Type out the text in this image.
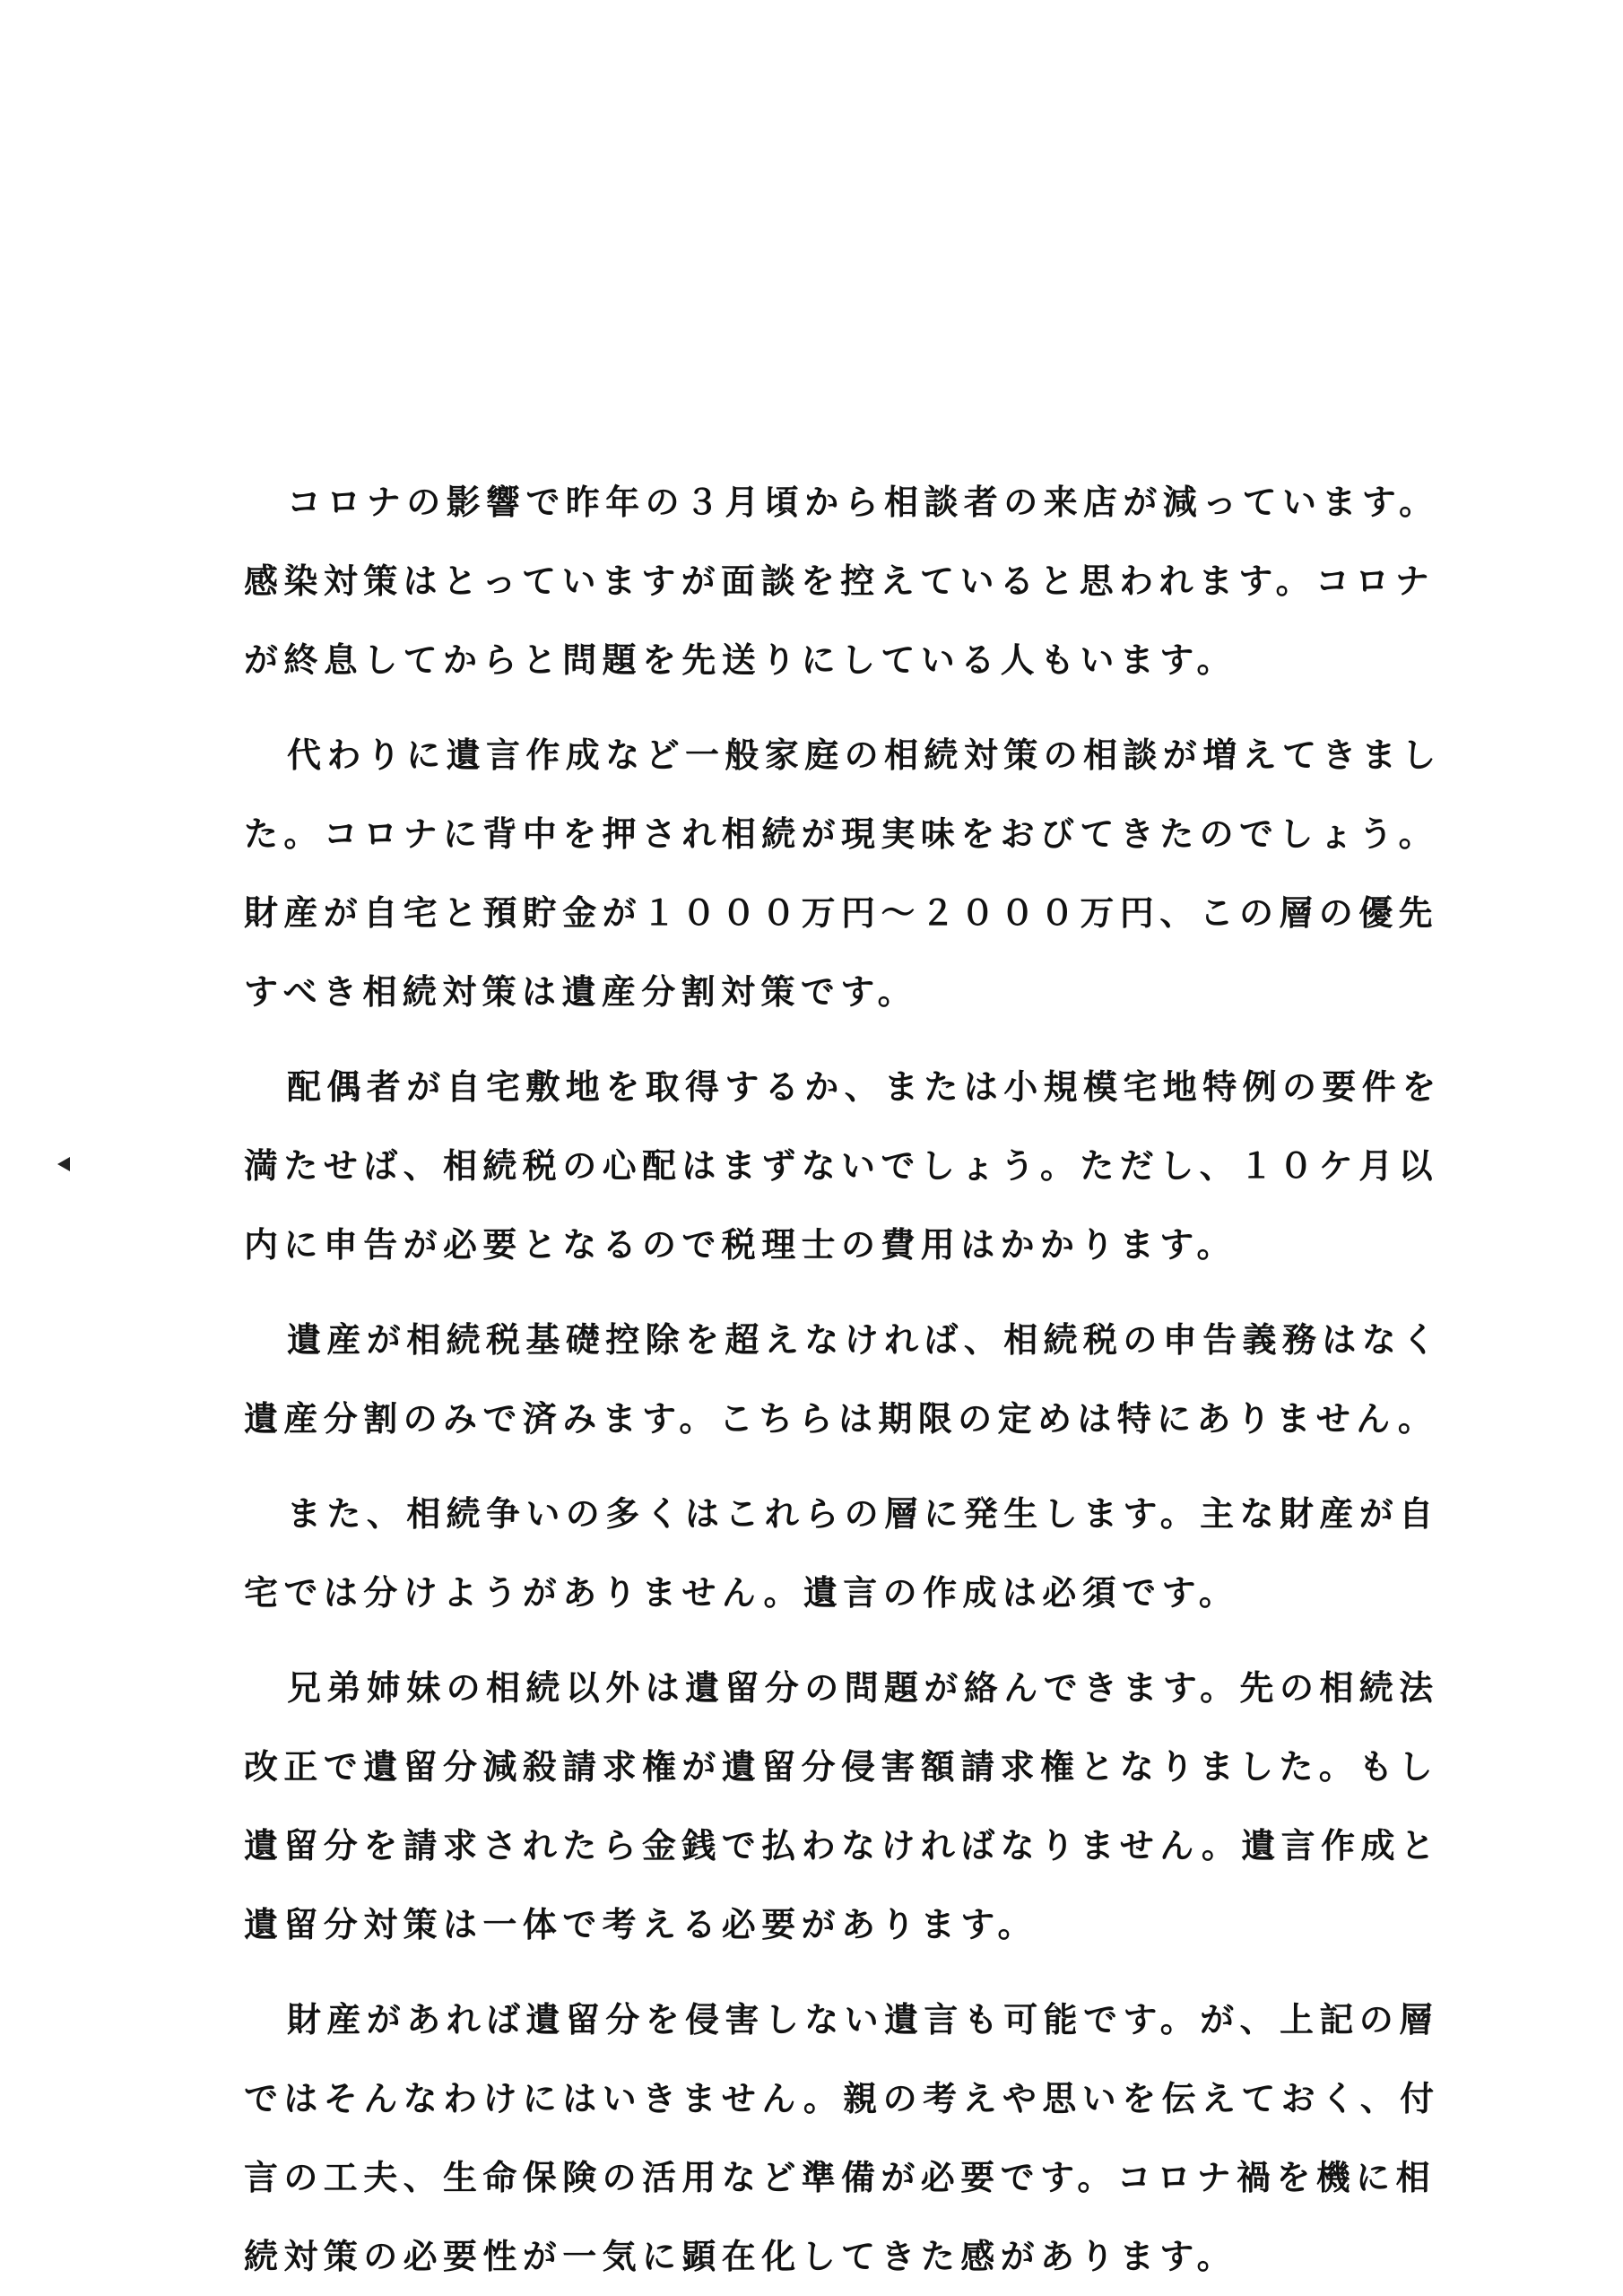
コロナの影響で昨年の３月頃から相談者の来店が減っています。
感染対策はとっていますが面談を控えていると思われます。コロナ
が終息してからと問題を先送りにしている人もいます。
代わりに遺言作成など一般家庭の相続対策の相談が増えてきまし
た。コロナに背中を押され相続が現実味をおびてきたのでしょう。
財産が自宅と預貯金が１０００万円～２０００万円、この層の優先
すべき相続対策は遺産分割対策です。
配偶者が自宅敷地を取得するか、または小規模宅地特例の要件を
満たせば、相続税の心配はまずないでしょう。ただし、１０ケ月以
内に申告が必要となるので税理士の費用はかかります。
遺産が相続税基礎控除を超えなければ、相続税の申告義務はなく
遺産分割のみで済みます。こちらは期限の定めは特にありません。
また、相続争いの多くはこれらの層に発生します。主な財産が自
宅では分けようがありません。遺言の作成は必須です。
兄弟姉妹の相続以外は遺留分の問題が絡んできます。先の相続法
改正で遺留分減殺請求権が遺留分侵害額請求権となりました。もし
遺留分を請求されたら金銭で払わなければなりません。遺言作成と
遺留分対策は一体で考える必要があります。
財産があれば遺留分を侵害しない遺言も可能です。が、上記の層
ではそんなわけにはいきません。親の考えや思いを伝えておく、付
言の工夫、生命保険の活用など準備が必要です。コロナ禍を機に相
続対策の必要性が一気に顕在化してきた感があります。
